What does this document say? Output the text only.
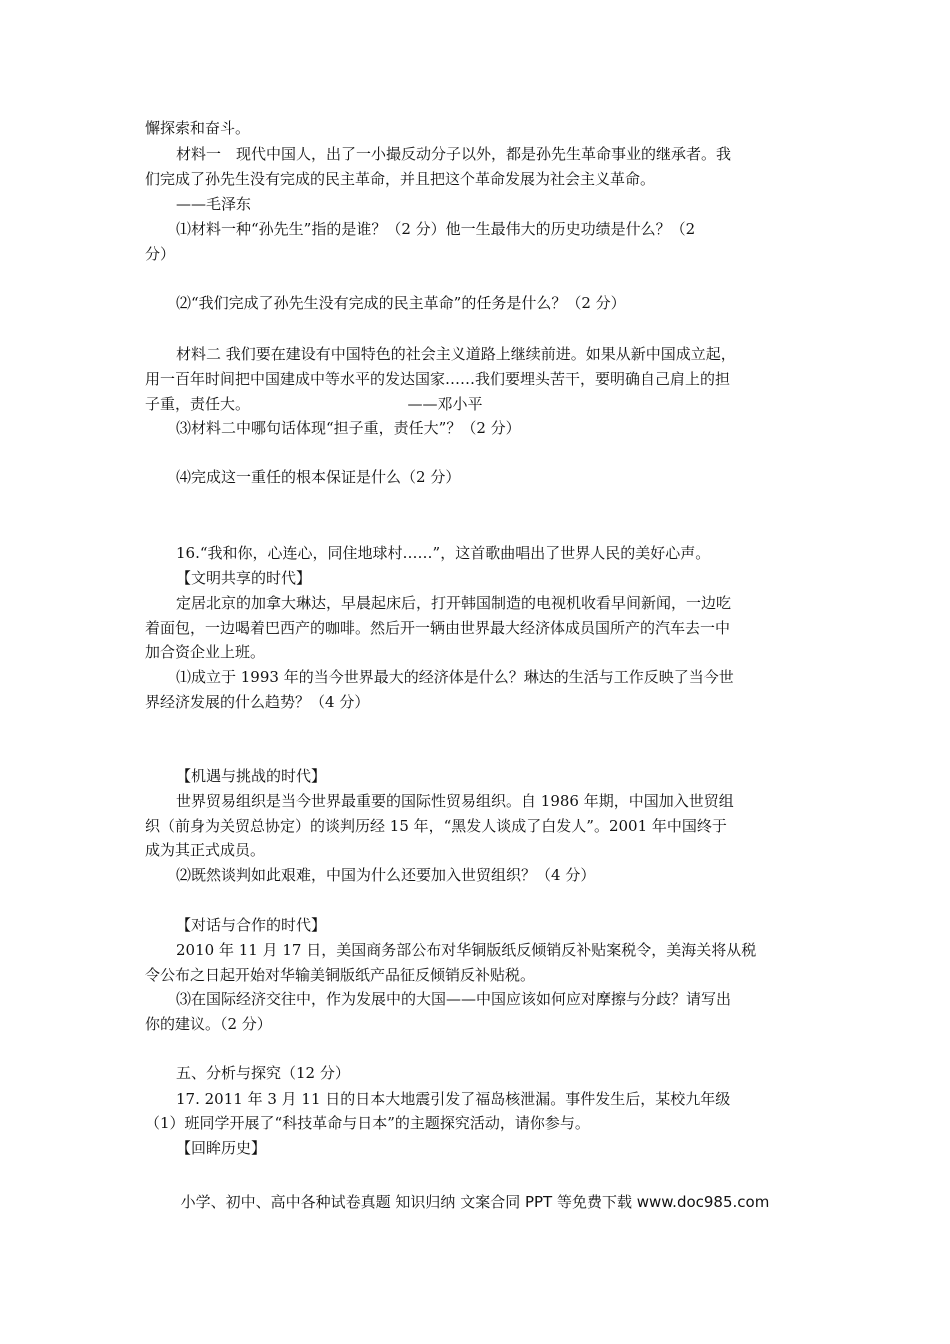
懈探索和奋斗。
材料一　现代中国人，出了一小撮反动分子以外，都是孙先生革命事业的继承者。我
们完成了孙先生没有完成的民主革命，并且把这个革命发展为社会主义革命。
——毛泽东
⑴材料一种“孙先生”指的是谁？（2 分）他一生最伟大的历史功绩是什么？（2
分）
⑵“我们完成了孙先生没有完成的民主革命”的任务是什么？（2 分）
材料二 我们要在建设有中国特色的社会主义道路上继续前进。如果从新中国成立起，
用一百年时间把中国建成中等水平的发达国家……我们要埋头苦干，要明确自己肩上的担
子重，责任大。　　　　　　　　　　　——邓小平
⑶材料二中哪句话体现“担子重，责任大”？（2 分）
⑷完成这一重任的根本保证是什么（2 分）
16.“我和你，心连心，同住地球村……”，这首歌曲唱出了世界人民的美好心声。
【文明共享的时代】
定居北京的加拿大琳达，早晨起床后，打开韩国制造的电视机收看早间新闻，一边吃
着面包，一边喝着巴西产的咖啡。然后开一辆由世界最大经济体成员国所产的汽车去一中
加合资企业上班。
⑴成立于 1993 年的当今世界最大的经济体是什么？琳达的生活与工作反映了当今世
界经济发展的什么趋势？（4 分）
【机遇与挑战的时代】
世界贸易组织是当今世界最重要的国际性贸易组织。自 1986 年期，中国加入世贸组
织（前身为关贸总协定）的谈判历经 15 年，“黑发人谈成了白发人”。2001 年中国终于
成为其正式成员。
⑵既然谈判如此艰难，中国为什么还要加入世贸组织？（4 分）
【对话与合作的时代】
2010 年 11 月 17 日，美国商务部公布对华铜版纸反倾销反补贴案税令，美海关将从税
令公布之日起开始对华输美铜版纸产品征反倾销反补贴税。
⑶在国际经济交往中，作为发展中的大国——中国应该如何应对摩擦与分歧？请写出
你的建议。（2 分）
五、分析与探究（12 分）
17. 2011 年 3 月 11 日的日本大地震引发了福岛核泄漏。事件发生后，某校九年级
（1）班同学开展了“科技革命与日本”的主题探究活动，请你参与。
【回眸历史】
小学、初中、高中各种试卷真题 知识归纳 文案合同 PPT 等免费下载 www.doc985.com
